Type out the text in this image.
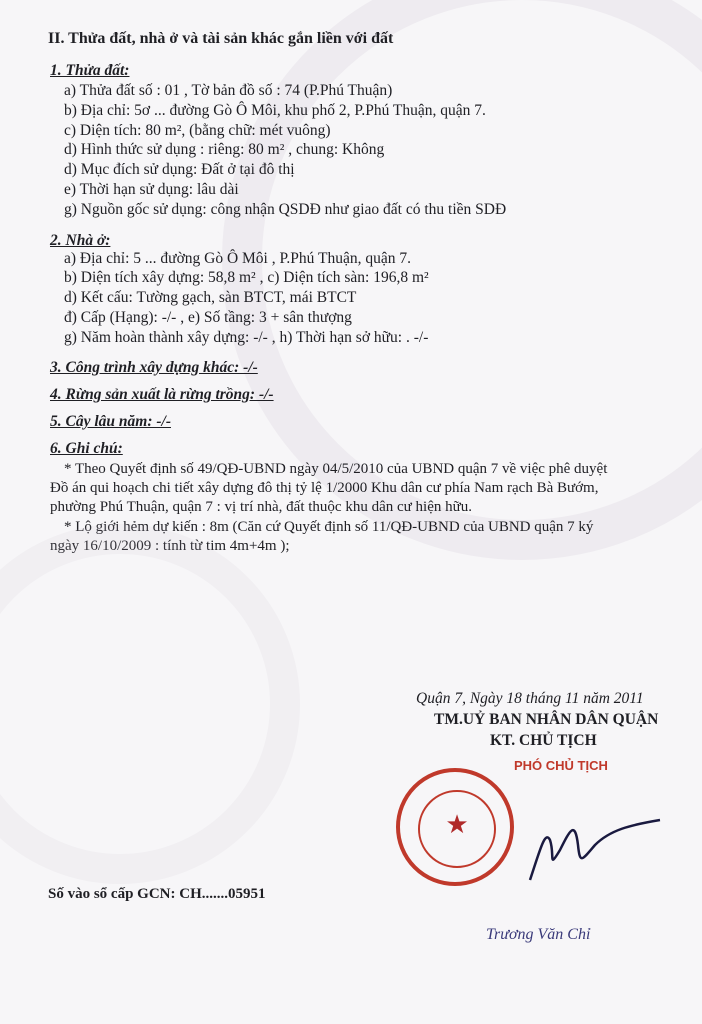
II. Thửa đất, nhà ở và tài sản khác gắn liền với đất
1. Thửa đất:
a) Thửa đất số : 01 , Tờ bản đồ số : 74 (P.Phú Thuận)
b) Địa chỉ: 5ơ ... đường Gò Ô Môi, khu phố 2, P.Phú Thuận, quận 7.
c) Diện tích: 80 m², (bằng chữ: mét vuông)
d) Hình thức sử dụng : riêng: 80 m² , chung: Không
d) Mục đích sử dụng: Đất ở tại đô thị
e) Thời hạn sử dụng: lâu dài
g) Nguồn gốc sử dụng: công nhận QSDĐ như giao đất có thu tiền SDĐ
2. Nhà ở:
a) Địa chỉ: 5 ... đường Gò Ô Môi , P.Phú Thuận, quận 7.
b) Diện tích xây dựng: 58,8 m² , c) Diện tích sàn: 196,8 m²
d) Kết cấu: Tường gạch, sàn BTCT, mái BTCT
đ) Cấp (Hạng): -/- , e) Số tầng: 3 + sân thượng
g) Năm hoàn thành xây dựng: -/- , h) Thời hạn sở hữu: . -/-
3. Công trình xây dựng khác: -/-
4. Rừng sản xuất là rừng trồng: -/-
5. Cây lâu năm: -/-
6. Ghi chú:
* Theo Quyết định số 49/QĐ-UBND ngày 04/5/2010 của UBND quận 7 về việc phê duyệt
Đồ án qui hoạch chi tiết xây dựng đô thị tỷ lệ 1/2000 Khu dân cư phía Nam rạch Bà Bướm,
phường Phú Thuận, quận 7 : vị trí nhà, đất thuộc khu dân cư hiện hữu.
* Lộ giới hẻm dự kiến : 8m (Căn cứ Quyết định số 11/QĐ-UBND của UBND quận 7 ký
ngày 16/10/2009 : tính từ tim 4m+4m );
Quận 7, Ngày 18 tháng 11 năm 2011
TM.UỶ BAN NHÂN DÂN QUẬN
KT. CHỦ TỊCH
PHÓ CHỦ TỊCH
★
Trương Văn Chỉ
Số vào sổ cấp GCN: CH.......05951
